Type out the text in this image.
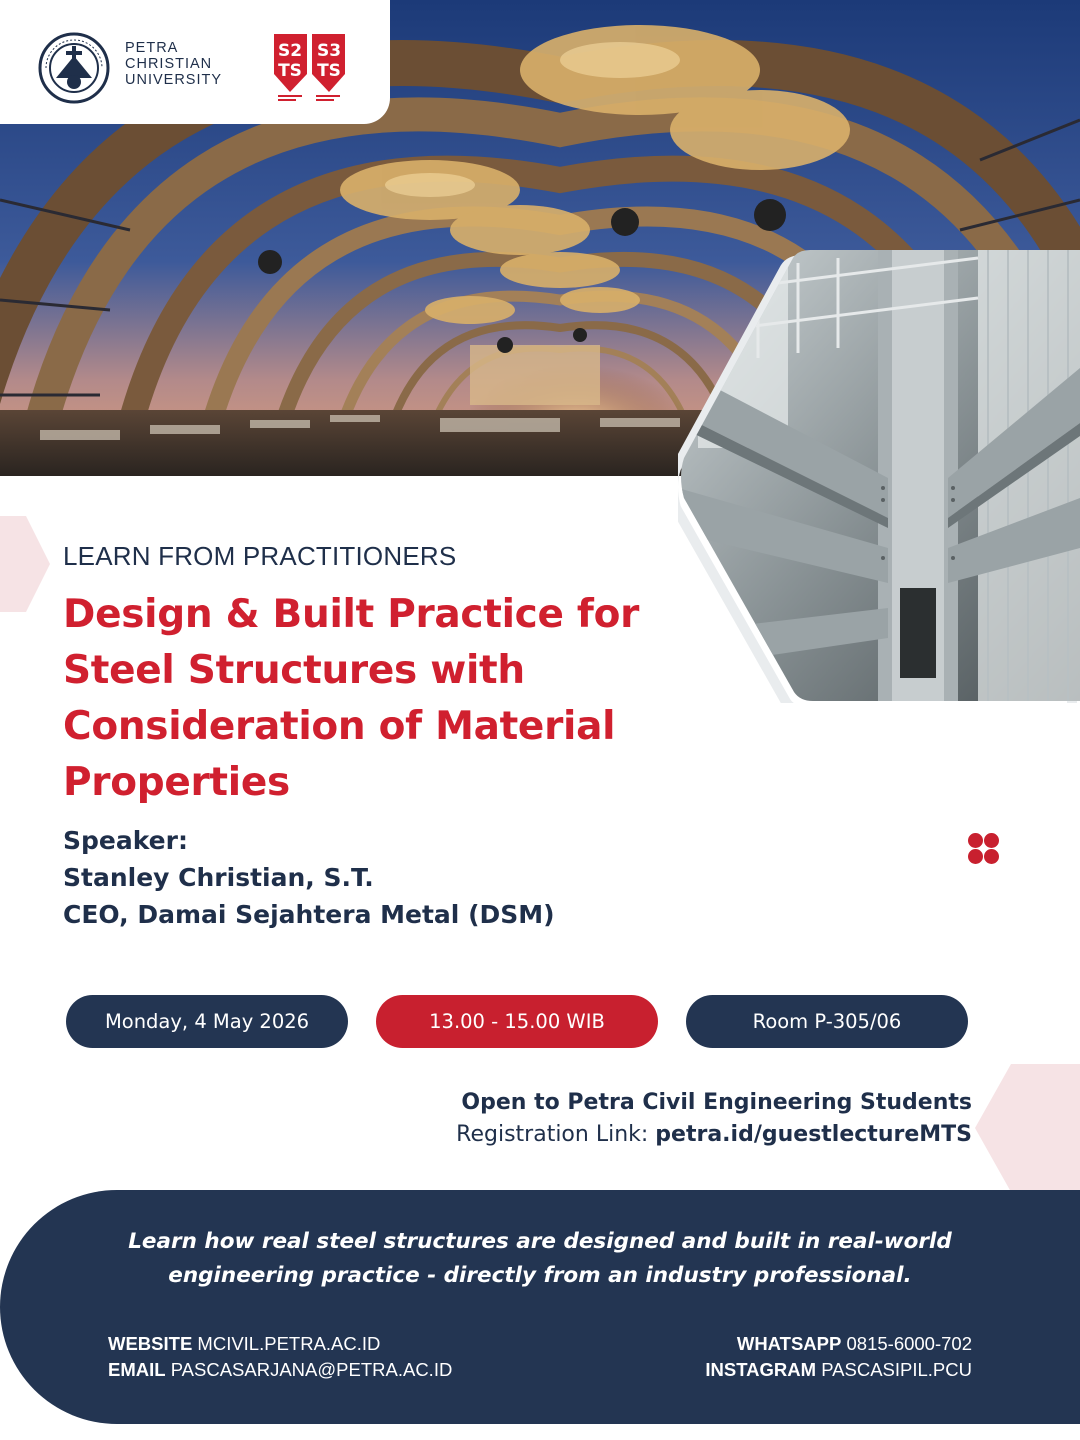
PETRA
CHRISTIAN
UNIVERSITY
S2
TS
S3
TS
LEARN FROM PRACTITIONERS
Design & Built Practice for
Steel Structures with
Consideration of Material
Properties
Speaker:
Stanley Christian, S.T.
CEO, Damai Sejahtera Metal (DSM)
Monday, 4 May 2026	13.00 - 15.00 WIB	Room P-305/06
Open to Petra Civil Engineering Students
Registration Link: petra.id/guestlectureMTS
Learn how real steel structures are designed and built in real-world
engineering practice - directly from an industry professional.
WEBSITE MCIVIL.PETRA.AC.ID
EMAIL PASCASARJANA@PETRA.AC.ID
WHATSAPP 0815-6000-702
INSTAGRAM PASCASIPIL.PCU
